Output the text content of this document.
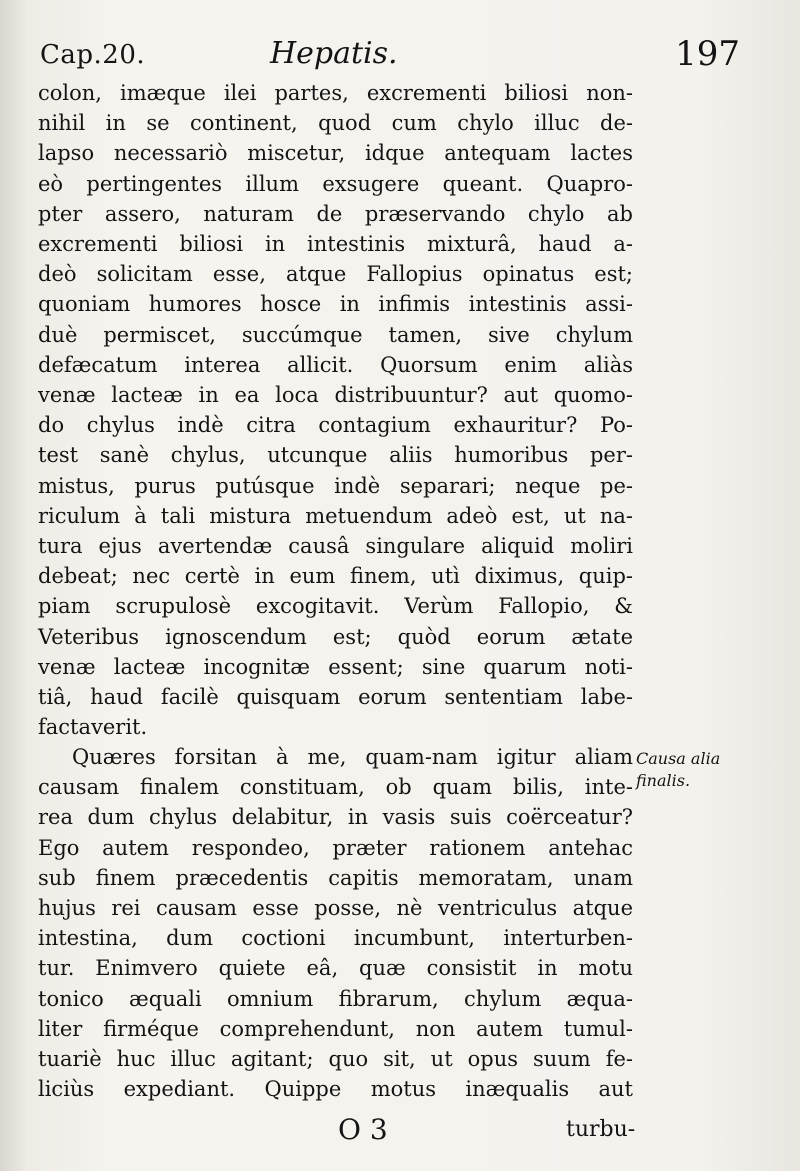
Cap.20.	Hepatis.	197
colon, imæque ilei partes, excrementi biliosi non-
nihil in se continent, quod cum chylo illuc de-
lapso necessariò miscetur, idque antequam lactes
eò pertingentes illum exsugere queant. Quapro-
pter assero, naturam de præservando chylo ab
excrementi biliosi in intestinis mixturâ, haud a-
deò solicitam esse, atque Fallopius opinatus est;
quoniam humores hosce in infimis intestinis assi-
duè permiscet, succúmque tamen, sive chylum
defæcatum interea allicit. Quorsum enim aliàs
venæ lacteæ in ea loca distribuuntur? aut quomo-
do chylus indè citra contagium exhauritur? Po-
test sanè chylus, utcunque aliis humoribus per-
mistus, purus putúsque indè separari; neque pe-
riculum à tali mistura metuendum adeò est, ut na-
tura ejus avertendæ causâ singulare aliquid moliri
debeat; nec certè in eum finem, utì diximus, quip-
piam scrupulosè excogitavit. Verùm Fallopio, &
Veteribus ignoscendum est; quòd eorum ætate
venæ lacteæ incognitæ essent; sine quarum noti-
tiâ, haud facilè quisquam eorum sententiam labe-
factaverit.
Quæres forsitan à me, quam-nam igitur aliam
causam finalem constituam, ob quam bilis, inte-
rea dum chylus delabitur, in vasis suis coërceatur?
Ego autem respondeo, præter rationem antehac
sub finem præcedentis capitis memoratam, unam
hujus rei causam esse posse, nè ventriculus atque
intestina, dum coctioni incumbunt, interturben-
tur. Enimvero quiete eâ, quæ consistit in motu
tonico æquali omnium fibrarum, chylum æqua-
liter firméque comprehendunt, non autem tumul-
tuariè huc illuc agitant; quo sit, ut opus suum fe-
liciùs expediant. Quippe motus inæqualis aut
Causa alia
finalis.
O 3	turbu-
